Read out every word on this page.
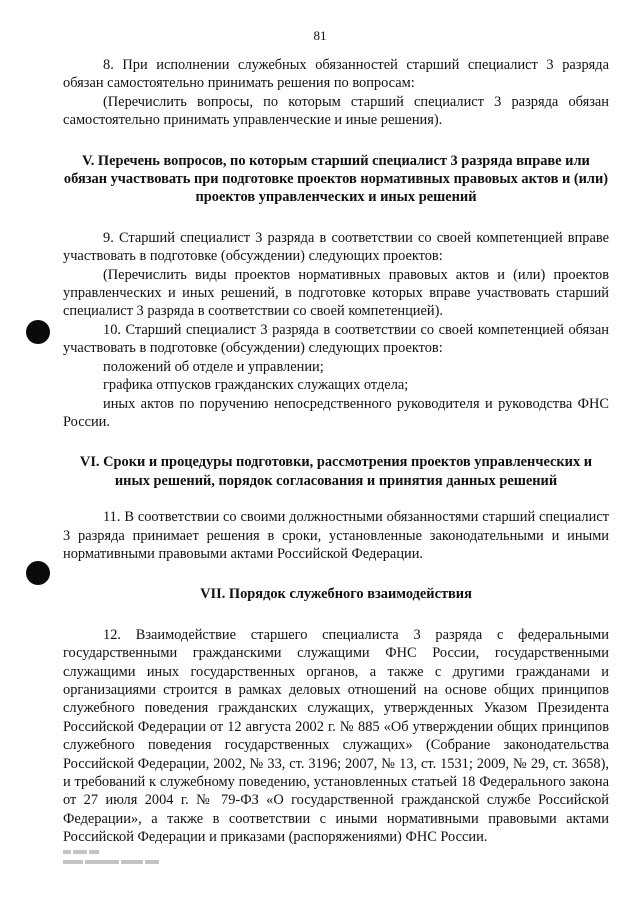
81

8. При исполнении служебных обязанностей старший специалист 3 разряда обязан самостоятельно принимать решения по вопросам:

(Перечислить вопросы, по которым старший специалист 3 разряда обязан самостоятельно принимать управленческие и иные решения).

V. Перечень вопросов, по которым старший специалист 3 разряда вправе или обязан участвовать при подготовке проектов нормативных правовых актов и (или) проектов управленческих и иных решений

9. Старший специалист 3 разряда в соответствии со своей компетенцией вправе участвовать в подготовке (обсуждении) следующих проектов:

(Перечислить виды проектов нормативных правовых актов и (или) проектов управленческих и иных решений, в подготовке которых вправе участвовать старший специалист 3 разряда в соответствии со своей компетенцией).

10. Старший специалист 3 разряда в соответствии со своей компетенцией обязан участвовать в подготовке (обсуждении) следующих проектов:

положений об отделе и управлении;

графика отпусков гражданских служащих отдела;

иных актов по поручению непосредственного руководителя и руководства ФНС России.

VI. Сроки и процедуры подготовки, рассмотрения проектов управленческих и иных решений, порядок согласования и принятия данных решений

11. В соответствии со своими должностными обязанностями старший специалист 3 разряда принимает решения в сроки, установленные законодательными и иными нормативными правовыми актами Российской Федерации.

VII. Порядок служебного взаимодействия

12. Взаимодействие старшего специалиста 3 разряда с федеральными государственными гражданскими служащими ФНС России, государственными служащими иных государственных органов, а также с другими гражданами и организациями строится в рамках деловых отношений на основе общих принципов служебного поведения гражданских служащих, утвержденных Указом Президента Российской Федерации от 12 августа 2002 г. № 885 «Об утверждении общих принципов служебного поведения государственных служащих» (Собрание законодательства Российской Федерации, 2002, № 33, ст. 3196; 2007, № 13, ст. 1531; 2009, № 29, ст. 3658), и требований к служебному поведению, установленных статьей 18 Федерального закона от 27 июля 2004 г. № 79-ФЗ «О государственной гражданской службе Российской Федерации», а также в соответствии с иными нормативными правовыми актами Российской Федерации и приказами (распоряжениями) ФНС России.
